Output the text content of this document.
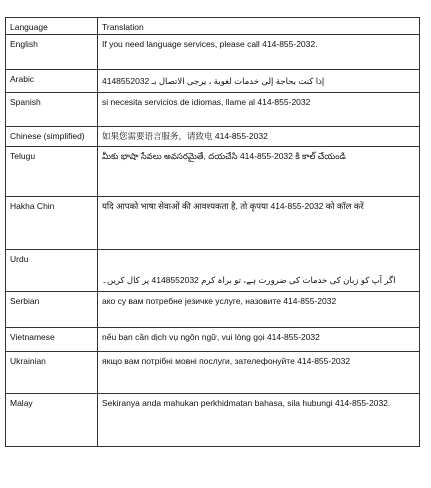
Language	Translation
English	If you need language services, please call 414-855-2032.
Arabic	إذا كنت بحاجة إلى خدمات لغوية ، يرجى الاتصال بـ 4148552032
Spanish	si necesita servicios de idiomas, llame al 414-855-2032
Chinese (simplified)	如果您需要语言服务，请致电 414-855-2032
Telugu	మీకు భాషా సేవలు అవసరమైతే, దయచేసి 414-855-2032 కి కాల్ చేయండి
Hakha Chin	यदि आपको भाषा सेवाओं की आवश्यकता है, तो कृपया 414-855-2032 को कॉल करें
Urdu	اگر آپ کو زبان کی خدمات کی ضرورت ہے، تو براہ کرم 4148552032 پر کال کریں۔
Serbian	ако су вам потребне језичке услуге, назовите 414-855-2032
Vietnamese	nếu bạn cần dịch vụ ngôn ngữ, vui lòng gọi 414-855-2032
Ukrainian	якщо вам потрібні мовні послуги, зателефонуйте 414-855-2032
Malay	Sekiranya anda mahukan perkhidmatan bahasa, sila hubungi 414-855-2032.
